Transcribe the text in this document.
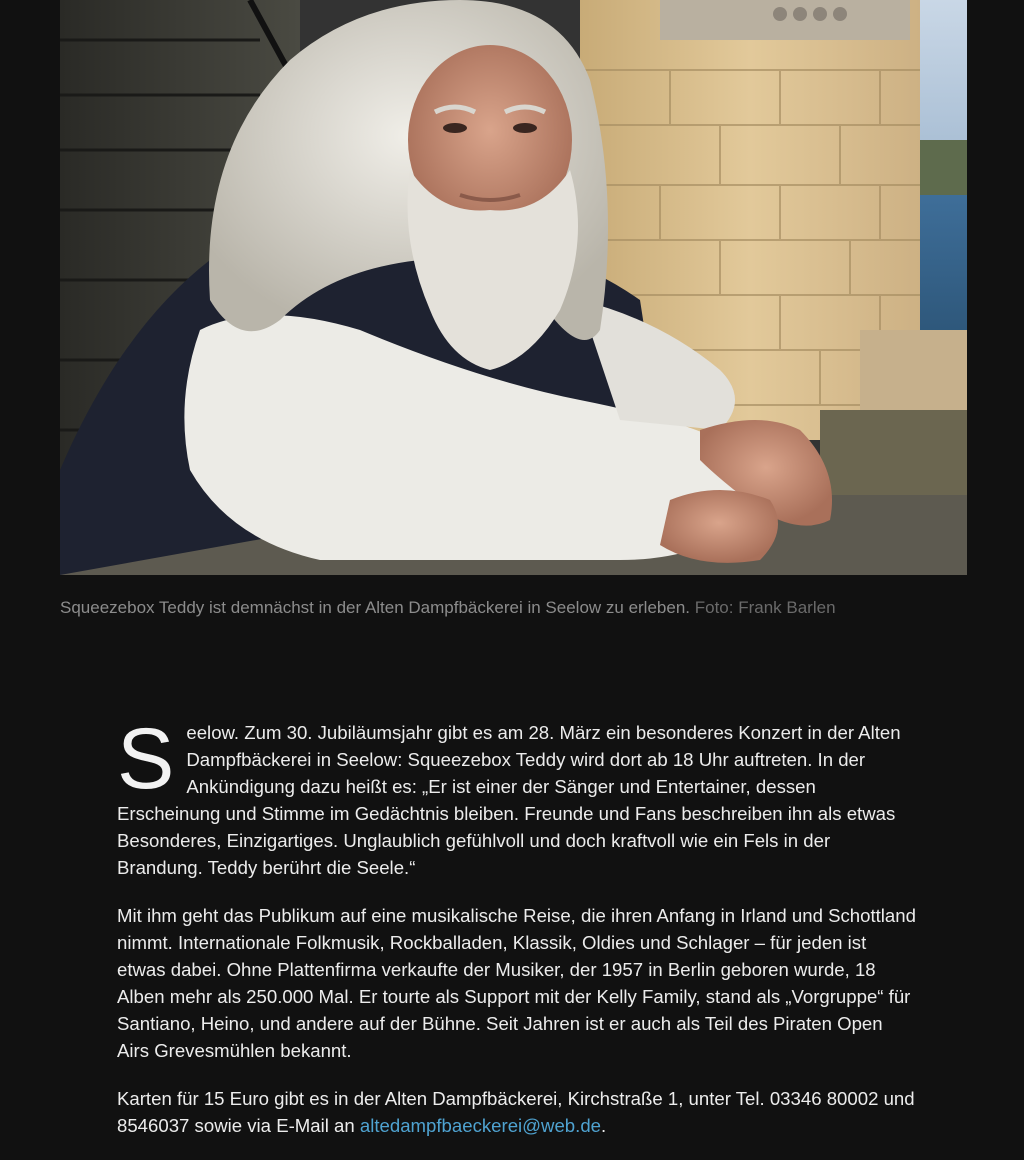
Squeezebox Teddy ist demnächst in der Alten Dampfbäckerei in Seelow zu erleben. Foto: Frank Barlen

Seelow. Zum 30. Jubiläumsjahr gibt es am 28. März ein besonderes Konzert in der Alten Dampfbäckerei in Seelow: Squeezebox Teddy wird dort ab 18 Uhr auftreten. In der Ankündigung dazu heißt es: „Er ist einer der Sänger und Entertainer, dessen Erscheinung und Stimme im Gedächtnis bleiben. Freunde und Fans beschreiben ihn als etwas Besonderes, Einzigartiges. Unglaublich gefühlvoll und doch kraftvoll wie ein Fels in der Brandung. Teddy berührt die Seele.“

Mit ihm geht das Publikum auf eine musikalische Reise, die ihren Anfang in Irland und Schottland nimmt. Internationale Folkmusik, Rockballaden, Klassik, Oldies und Schlager – für jeden ist etwas dabei. Ohne Plattenfirma verkaufte der Musiker, der 1957 in Berlin geboren wurde, 18 Alben mehr als 250.000 Mal. Er tourte als Support mit der Kelly Family, stand als „Vorgruppe“ für Santiano, Heino, und andere auf der Bühne. Seit Jahren ist er auch als Teil des Piraten Open Airs Grevesmühlen bekannt.

Karten für 15 Euro gibt es in der Alten Dampfbäckerei, Kirchstraße 1, unter Tel. 03346 80002 und 8546037 sowie via E-Mail an altedampfbaeckerei@web.de.
